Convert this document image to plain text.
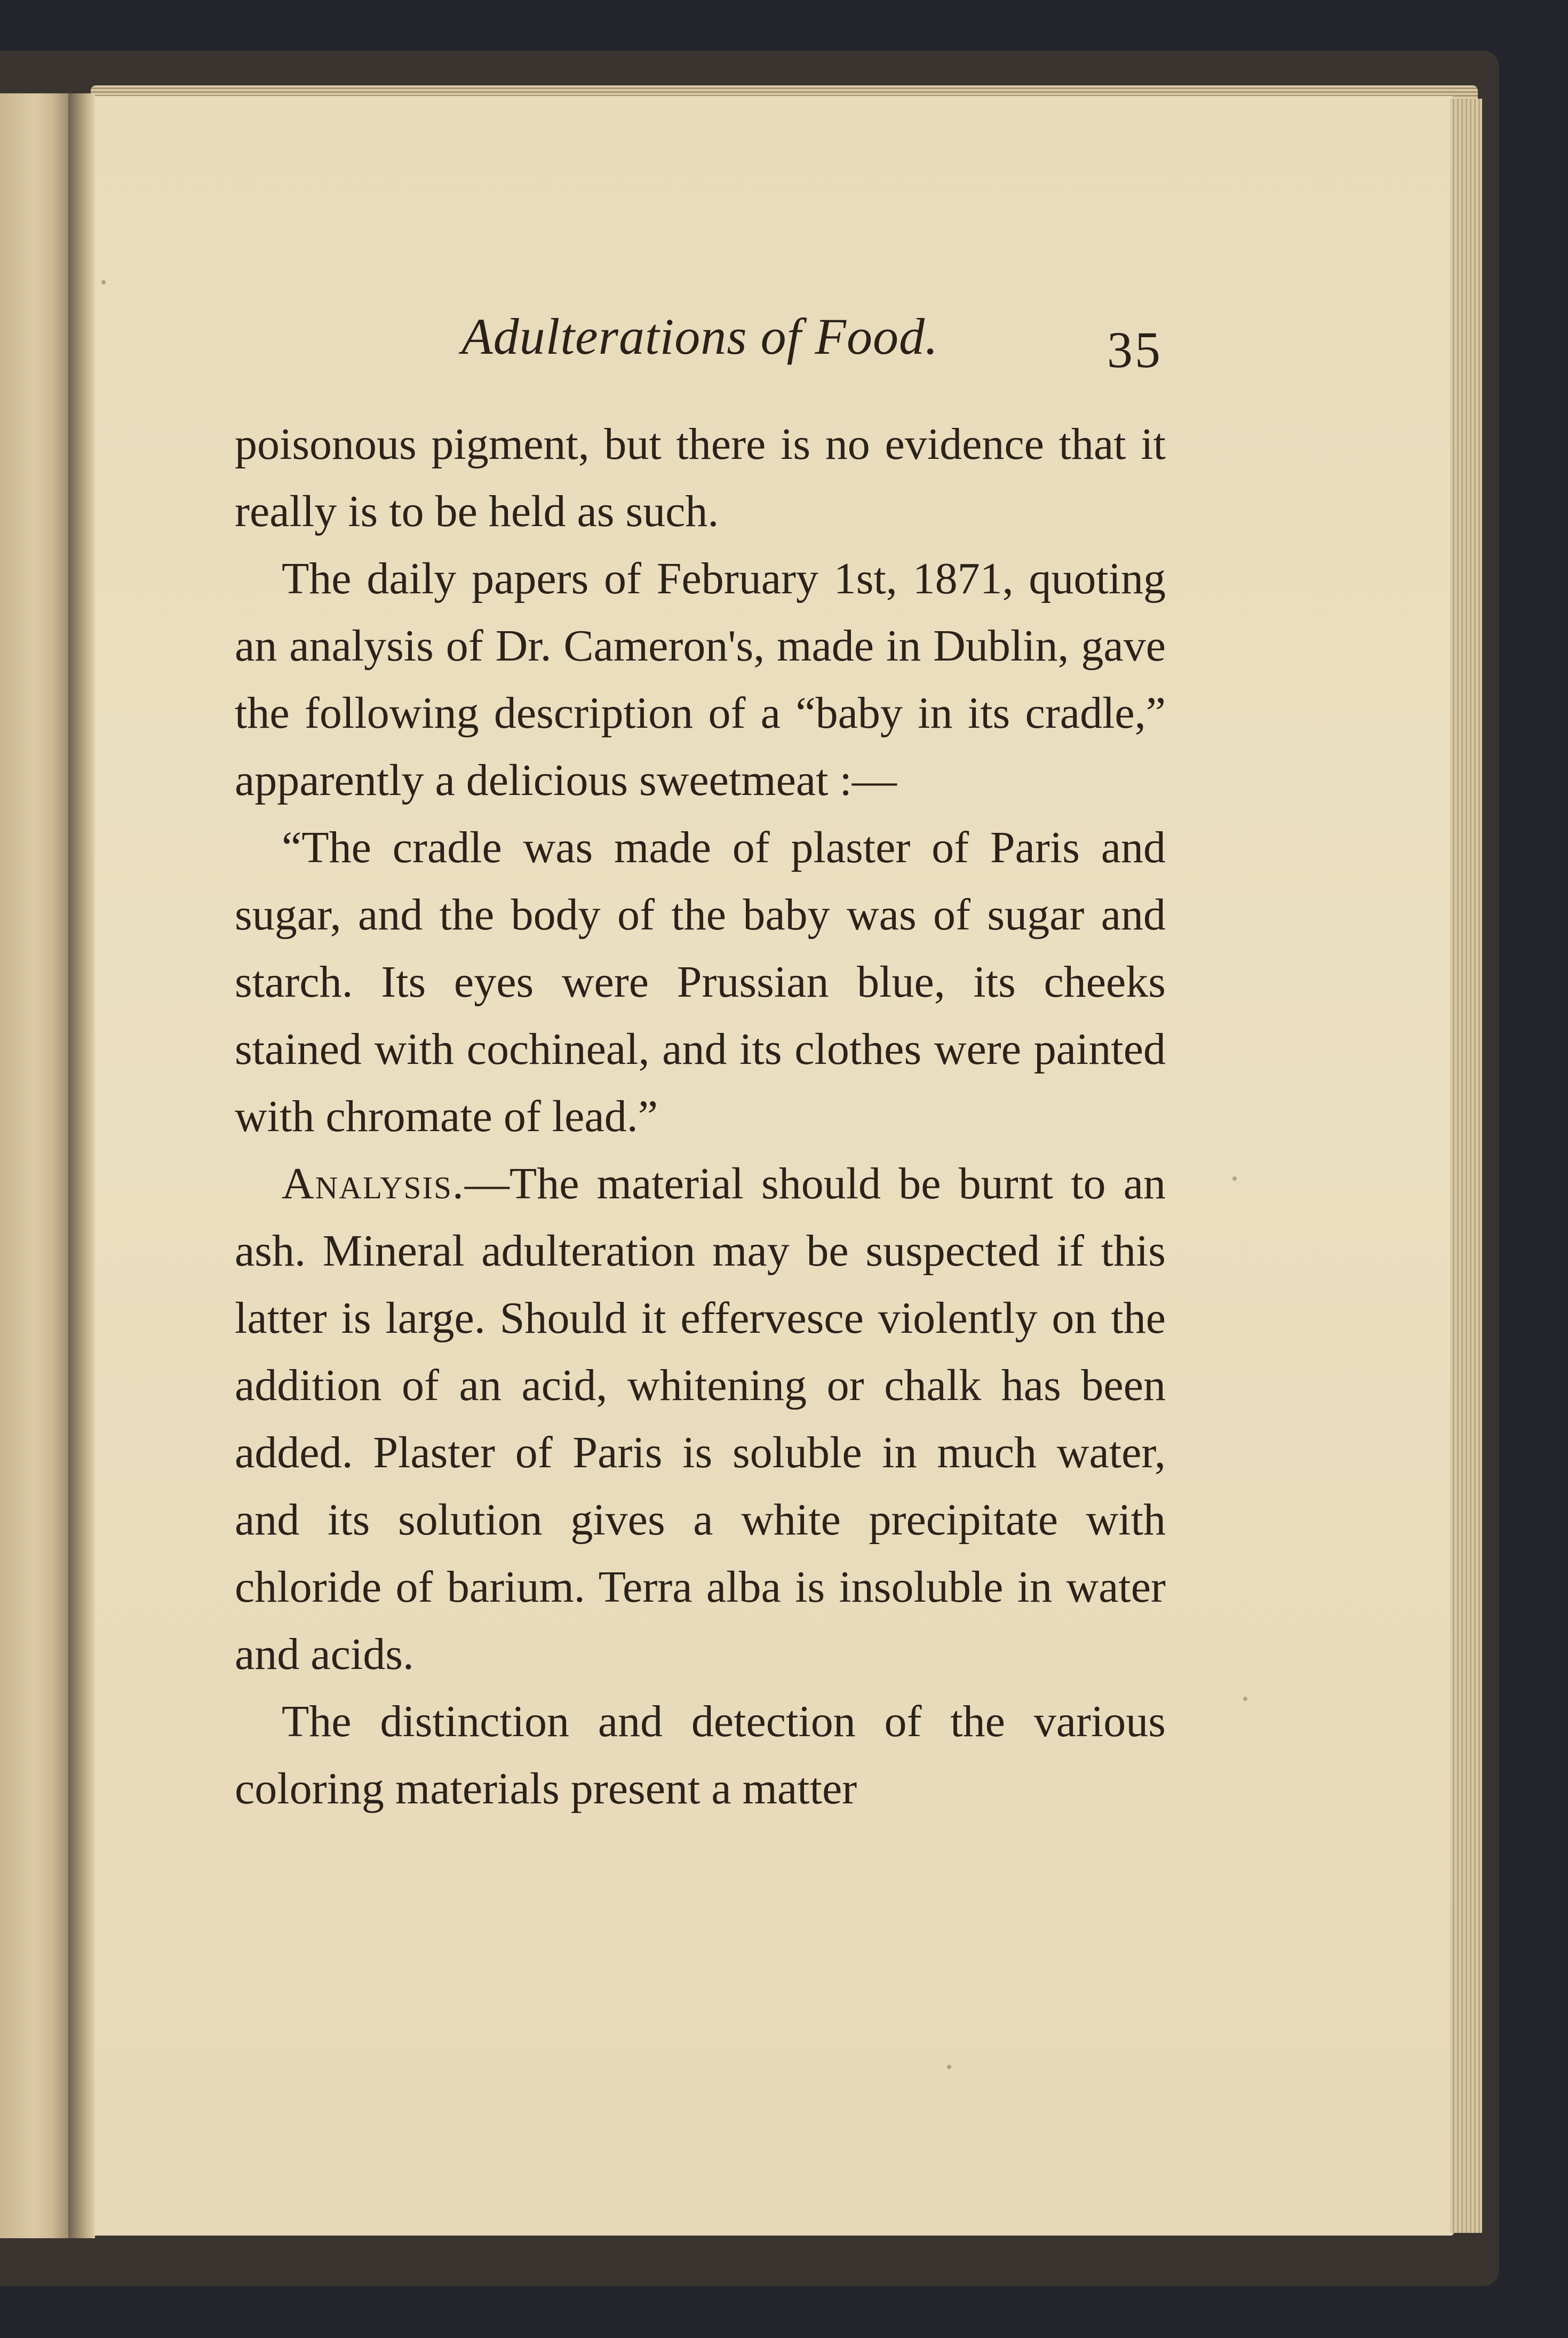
Adulterations of Food.	35

poisonous pigment, but there is no evidence that it really is to be held as such.

The daily papers of February 1st, 1871, quoting an analysis of Dr. Cameron's, made in Dublin, gave the following description of a “baby in its cradle,” apparently a delicious sweetmeat :—

“The cradle was made of plaster of Paris and sugar, and the body of the baby was of sugar and starch. Its eyes were Prussian blue, its cheeks stained with cochineal, and its clothes were painted with chromate of lead.”

Analysis.—The material should be burnt to an ash. Mineral adulteration may be suspected if this latter is large. Should it effervesce violently on the addition of an acid, whitening or chalk has been added. Plaster of Paris is soluble in much water, and its solution gives a white precipitate with chloride of barium. Terra alba is insoluble in water and acids.

The distinction and detection of the various coloring materials present a matter
